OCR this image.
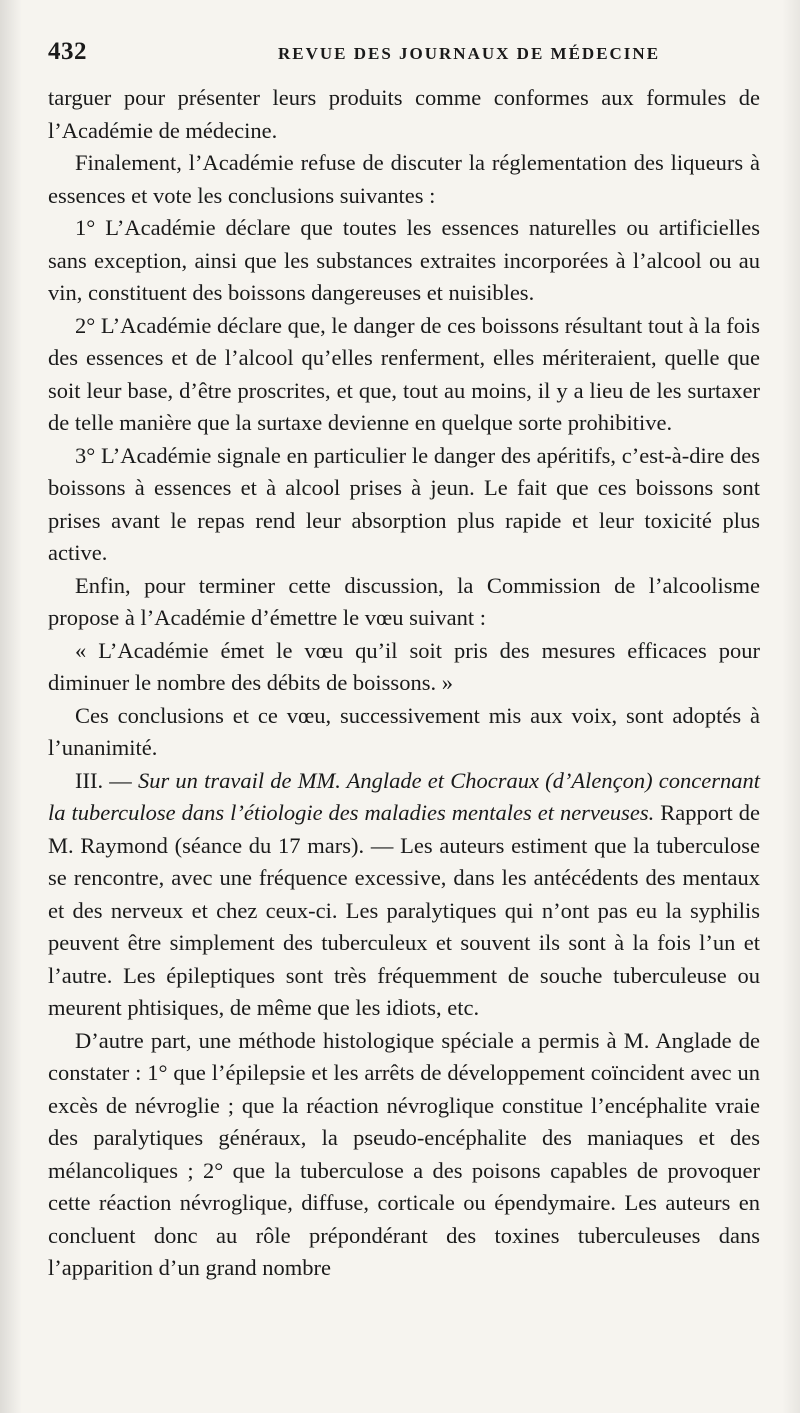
432	REVUE DES JOURNAUX DE MÉDECINE

targuer pour présenter leurs produits comme conformes aux formules de l’Académie de médecine.

Finalement, l’Académie refuse de discuter la réglementation des liqueurs à essences et vote les conclusions suivantes :

1° L’Académie déclare que toutes les essences naturelles ou artificielles sans exception, ainsi que les substances extraites incorporées à l’alcool ou au vin, constituent des boissons dangereuses et nuisibles.

2° L’Académie déclare que, le danger de ces boissons résultant tout à la fois des essences et de l’alcool qu’elles renferment, elles mériteraient, quelle que soit leur base, d’être proscrites, et que, tout au moins, il y a lieu de les surtaxer de telle manière que la surtaxe devienne en quelque sorte prohibitive.

3° L’Académie signale en particulier le danger des apéritifs, c’est-à-dire des boissons à essences et à alcool prises à jeun. Le fait que ces boissons sont prises avant le repas rend leur absorption plus rapide et leur toxicité plus active.

Enfin, pour terminer cette discussion, la Commission de l’alcoolisme propose à l’Académie d’émettre le vœu suivant :

« L’Académie émet le vœu qu’il soit pris des mesures efficaces pour diminuer le nombre des débits de boissons. »

Ces conclusions et ce vœu, successivement mis aux voix, sont adoptés à l’unanimité.

III. — Sur un travail de MM. Anglade et Chocraux (d’Alençon) concernant la tuberculose dans l’étiologie des maladies mentales et nerveuses. Rapport de M. Raymond (séance du 17 mars). — Les auteurs estiment que la tuberculose se rencontre, avec une fréquence excessive, dans les antécédents des mentaux et des nerveux et chez ceux-ci. Les paralytiques qui n’ont pas eu la syphilis peuvent être simplement des tuberculeux et souvent ils sont à la fois l’un et l’autre. Les épileptiques sont très fréquemment de souche tuberculeuse ou meurent phtisiques, de même que les idiots, etc.

D’autre part, une méthode histologique spéciale a permis à M. Anglade de constater : 1° que l’épilepsie et les arrêts de développement coïncident avec un excès de névroglie ; que la réaction névroglique constitue l’encéphalite vraie des paralytiques généraux, la pseudo-encéphalite des maniaques et des mélancoliques ; 2° que la tuberculose a des poisons capables de provoquer cette réaction névroglique, diffuse, corticale ou épendymaire. Les auteurs en concluent donc au rôle prépondérant des toxines tuberculeuses dans l’apparition d’un grand nombre
